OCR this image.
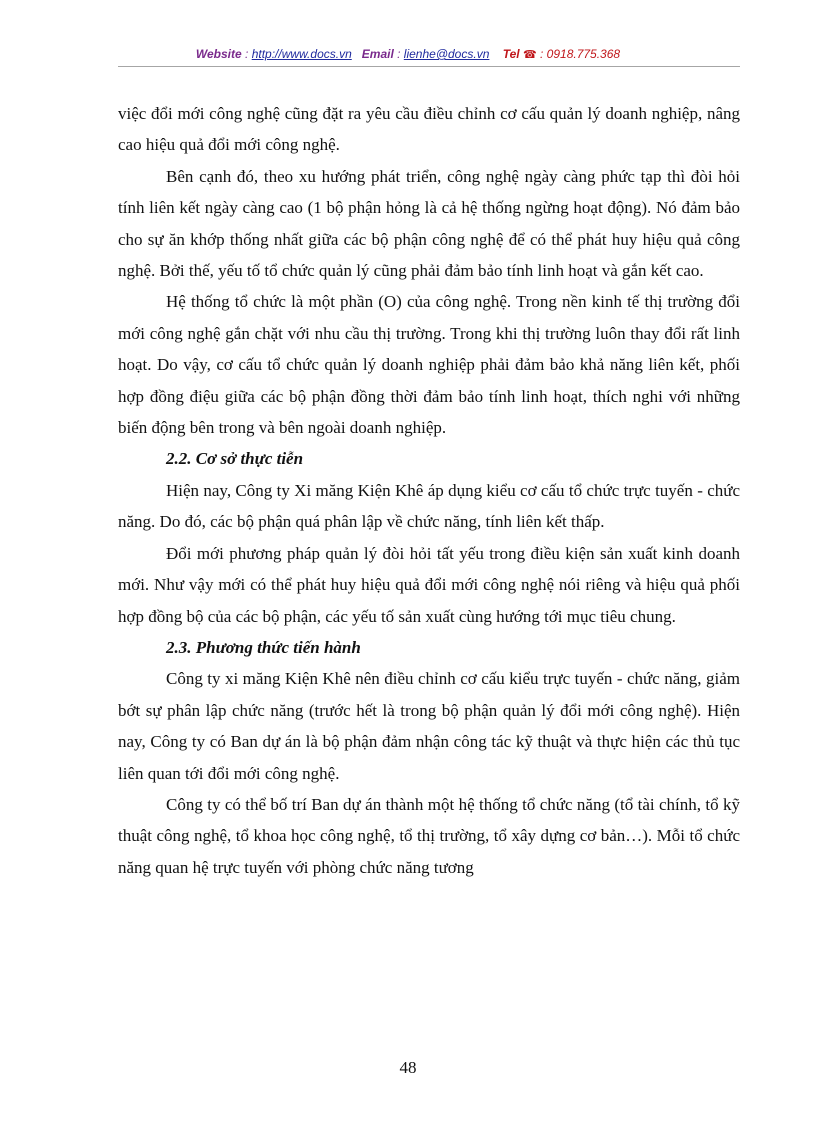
Website : http://www.docs.vn Email : lienhe@docs.vn Tel ☎ : 0918.775.368

việc đổi mới công nghệ cũng đặt ra yêu cầu điều chỉnh cơ cấu quản lý doanh nghiệp, nâng cao hiệu quả đổi mới công nghệ.

Bên cạnh đó, theo xu hướng phát triển, công nghệ ngày càng phức tạp thì đòi hỏi tính liên kết ngày càng cao (1 bộ phận hỏng là cả hệ thống ngừng hoạt động). Nó đảm bảo cho sự ăn khớp thống nhất giữa các bộ phận công nghệ để có thể phát huy hiệu quả công nghệ. Bởi thế, yếu tố tổ chức quản lý cũng phải đảm bảo tính linh hoạt và gắn kết cao.

Hệ thống tổ chức là một phần (O) của công nghệ. Trong nền kinh tế thị trường đổi mới công nghệ gắn chặt với nhu cầu thị trường. Trong khi thị trường luôn thay đổi rất linh hoạt. Do vậy, cơ cấu tổ chức quản lý doanh nghiệp phải đảm bảo khả năng liên kết, phối hợp đồng điệu giữa các bộ phận đồng thời đảm bảo tính linh hoạt, thích nghi với những biến động bên trong và bên ngoài doanh nghiệp.

2.2. Cơ sở thực tiễn

Hiện nay, Công ty Xi măng Kiện Khê áp dụng kiểu cơ cấu tổ chức trực tuyến - chức năng. Do đó, các bộ phận quá phân lập về chức năng, tính liên kết thấp.

Đổi mới phương pháp quản lý đòi hỏi tất yếu trong điều kiện sản xuất kinh doanh mới. Như vậy mới có thể phát huy hiệu quả đổi mới công nghệ nói riêng và hiệu quả phối hợp đồng bộ của các bộ phận, các yếu tố sản xuất cùng hướng tới mục tiêu chung.

2.3. Phương thức tiến hành

Công ty xi măng Kiện Khê nên điều chỉnh cơ cấu kiểu trực tuyến - chức năng, giảm bớt sự phân lập chức năng (trước hết là trong bộ phận quản lý đổi mới công nghệ). Hiện nay, Công ty có Ban dự án là bộ phận đảm nhận công tác kỹ thuật và thực hiện các thủ tục liên quan tới đổi mới công nghệ.

Công ty có thể bố trí Ban dự án thành một hệ thống tổ chức năng (tổ tài chính, tổ kỹ thuật công nghệ, tổ khoa học công nghệ, tổ thị trường, tổ xây dựng cơ bản…). Mỗi tổ chức năng quan hệ trực tuyến với phòng chức năng tương

48
